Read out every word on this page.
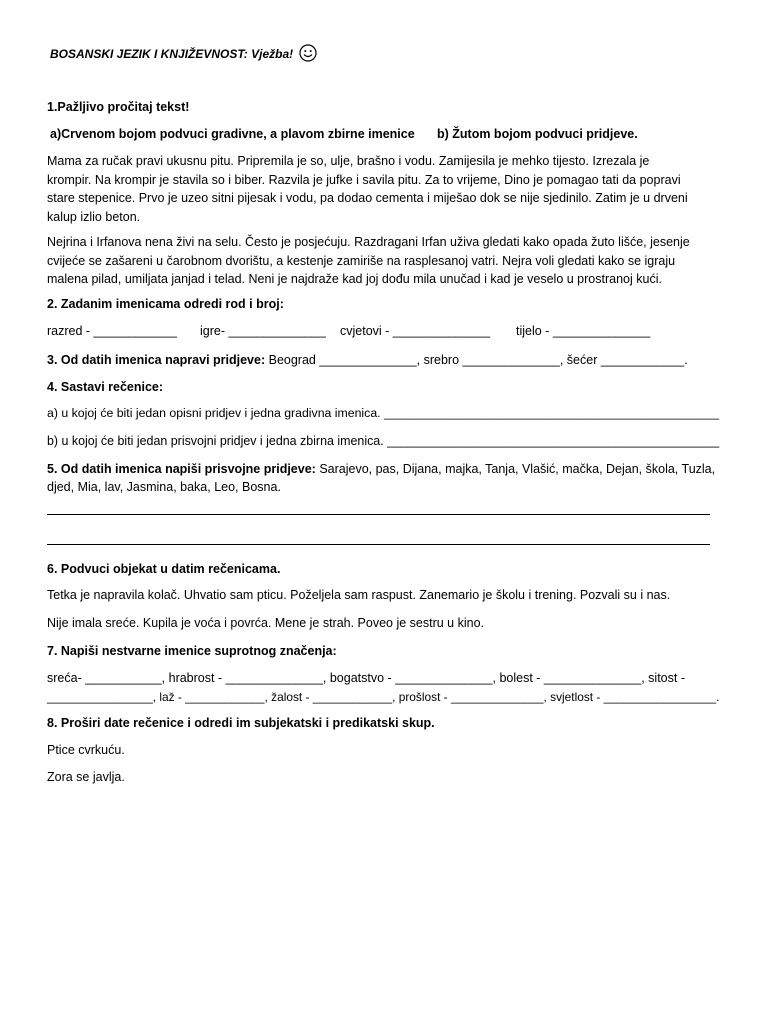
BOSANSKI JEZIK I KNJIŽEVNOST: Vježba!
1.Pažljivo pročitaj tekst!
a)Crvenom bojom podvuci gradivne, a plavom zbirne imenice b) Žutom bojom podvuci pridjeve.
Mama za ručak pravi ukusnu pitu. Pripremila je so, ulje, brašno i vodu. Zamijesila je mehko tijesto. Izrezala je
krompir. Na krompir je stavila so i biber. Razvila je jufke i savila pitu. Za to vrijeme, Dino je pomagao tati da popravi
stare stepenice. Prvo je uzeo sitni pijesak i vodu, pa dodao cementa i miješao dok se nije sjedinilo. Zatim je u drveni
kalup izlio beton.
Nejrina i Irfanova nena živi na selu. Često je posjećuju. Razdragani Irfan uživa gledati kako opada žuto lišće, jesenje
cvijeće se zašareni u čarobnom dvorištu, a kestenje zamiriše na rasplesanoj vatri. Nejra voli gledati kako se igraju
malena pilad, umiljata janjad i telad. Neni je najdraže kad joj dođu mila unučad i kad je veselo u prostranoj kući.
2. Zadanim imenicama odredi rod i broj:
razred - ____________ igre- ______________ cvjetovi - ______________ tijelo - ______________
3. Od datih imenica napravi pridjeve: Beograd ______________, srebro ______________, šećer ____________.
4. Sastavi rečenice:
a) u kojoj će biti jedan opisni pridjev i jedna gradivna imenica. _________________________________________________
b) u kojoj će biti jedan prisvojni pridjev i jedna zbirna imenica. ________________________________________________
5. Od datih imenica napiši prisvojne pridjeve: Sarajevo, pas, Dijana, majka, Tanja, Vlašić, mačka, Dejan, škola, Tuzla,
djed, Mia, lav, Jasmina, baka, Leo, Bosna.
6. Podvuci objekat u datim rečenicama.
Tetka je napravila kolač. Uhvatio sam pticu. Poželjela sam raspust. Zanemario je školu i trening. Pozvali su i nas.
Nije imala sreće. Kupila je voća i povrća. Mene je strah. Poveo je sestru u kino.
7. Napiši nestvarne imenice suprotnog značenja:
sreća- ___________, hrabrost - ______________, bogatstvo - ______________, bolest - ______________, sitost -
________________, laž - ____________, žalost - ____________, prošlost - ______________, svjetlost - _________________.
8. Proširi date rečenice i odredi im subjekatski i predikatski skup.
Ptice cvrkuću.
Zora se javlja.
